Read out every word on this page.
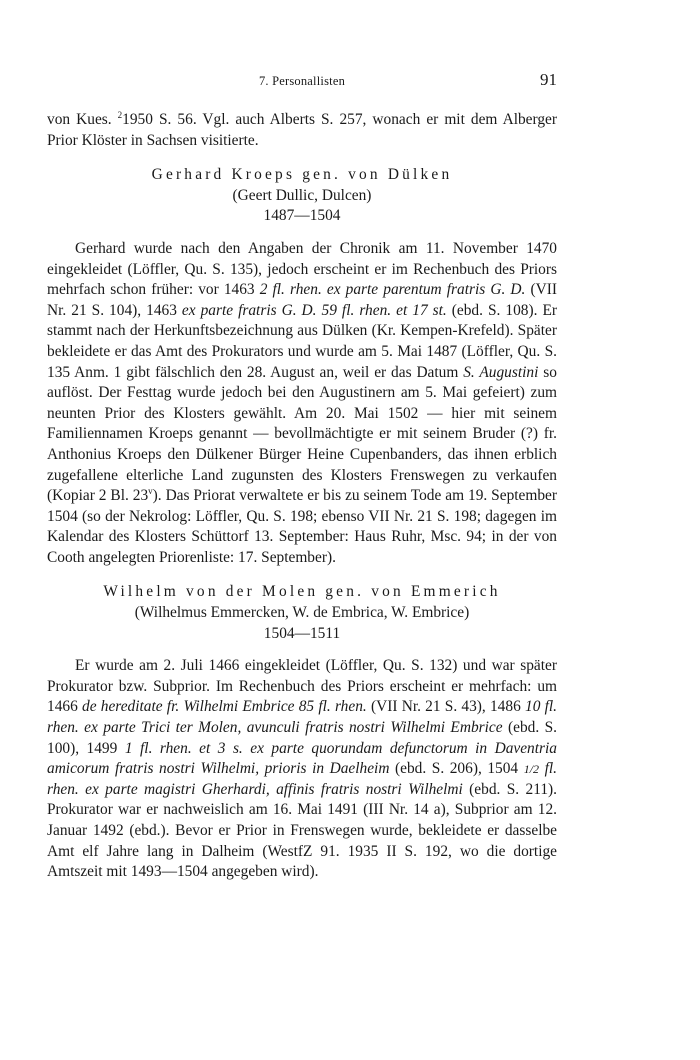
7. Personallisten	91

von Kues. $^2$1950 S. 56. Vgl. auch Alberts S. 257, wonach er mit dem Alberger Prior Klöster in Sachsen visitierte.

Gerhard Kroeps gen. von Dülken
(Geert Dullic, Dulcen)
1487—1504

Gerhard wurde nach den Angaben der Chronik am 11. November 1470 eingekleidet (Löffler, Qu. S. 135), jedoch erscheint er im Rechenbuch des Priors mehrfach schon früher: vor 1463 2 fl. rhen. ex parte parentum fratris G. D. (VII Nr. 21 S. 104), 1463 ex parte fratris G. D. 59 fl. rhen. et 17 st. (ebd. S. 108). Er stammt nach der Herkunftsbezeichnung aus Dülken (Kr. Kempen-Krefeld). Später bekleidete er das Amt des Prokurators und wurde am 5. Mai 1487 (Löffler, Qu. S. 135 Anm. 1 gibt fälschlich den 28. August an, weil er das Datum S. Augustini so auflöst. Der Festtag wurde jedoch bei den Augustinern am 5. Mai gefeiert) zum neunten Prior des Klosters gewählt. Am 20. Mai 1502 — hier mit seinem Familiennamen Kroeps genannt — bevollmächtigte er mit seinem Bruder (?) fr. Anthonius Kroeps den Dülkener Bürger Heine Cupenbanders, das ihnen erblich zugefallene elterliche Land zugunsten des Klosters Frenswegen zu verkaufen (Kopiar 2 Bl. 23$^v$). Das Priorat verwaltete er bis zu seinem Tode am 19. September 1504 (so der Nekrolog: Löffler, Qu. S. 198; ebenso VII Nr. 21 S. 198; dagegen im Kalendar des Klosters Schüttorf 13. September: Haus Ruhr, Msc. 94; in der von Cooth angelegten Priorenliste: 17. September).

Wilhelm von der Molen gen. von Emmerich
(Wilhelmus Emmercken, W. de Embrica, W. Embrice)
1504—1511

Er wurde am 2. Juli 1466 eingekleidet (Löffler, Qu. S. 132) und war später Prokurator bzw. Subprior. Im Rechenbuch des Priors erscheint er mehrfach: um 1466 de hereditate fr. Wilhelmi Embrice 85 fl. rhen. (VII Nr. 21 S. 43), 1486 10 fl. rhen. ex parte Trici ter Molen, avunculi fratris nostri Wilhelmi Embrice (ebd. S. 100), 1499 1 fl. rhen. et 3 s. ex parte quorundam defunctorum in Daventria amicorum fratris nostri Wilhelmi, prioris in Daelheim (ebd. S. 206), 1504 1/2 fl. rhen. ex parte magistri Gherhardi, affinis fratris nostri Wilhelmi (ebd. S. 211). Prokurator war er nachweislich am 16. Mai 1491 (III Nr. 14 a), Subprior am 12. Januar 1492 (ebd.). Bevor er Prior in Frenswegen wurde, bekleidete er dasselbe Amt elf Jahre lang in Dalheim (WestfZ 91. 1935 II S. 192, wo die dortige Amtszeit mit 1493—1504 angegeben wird).
